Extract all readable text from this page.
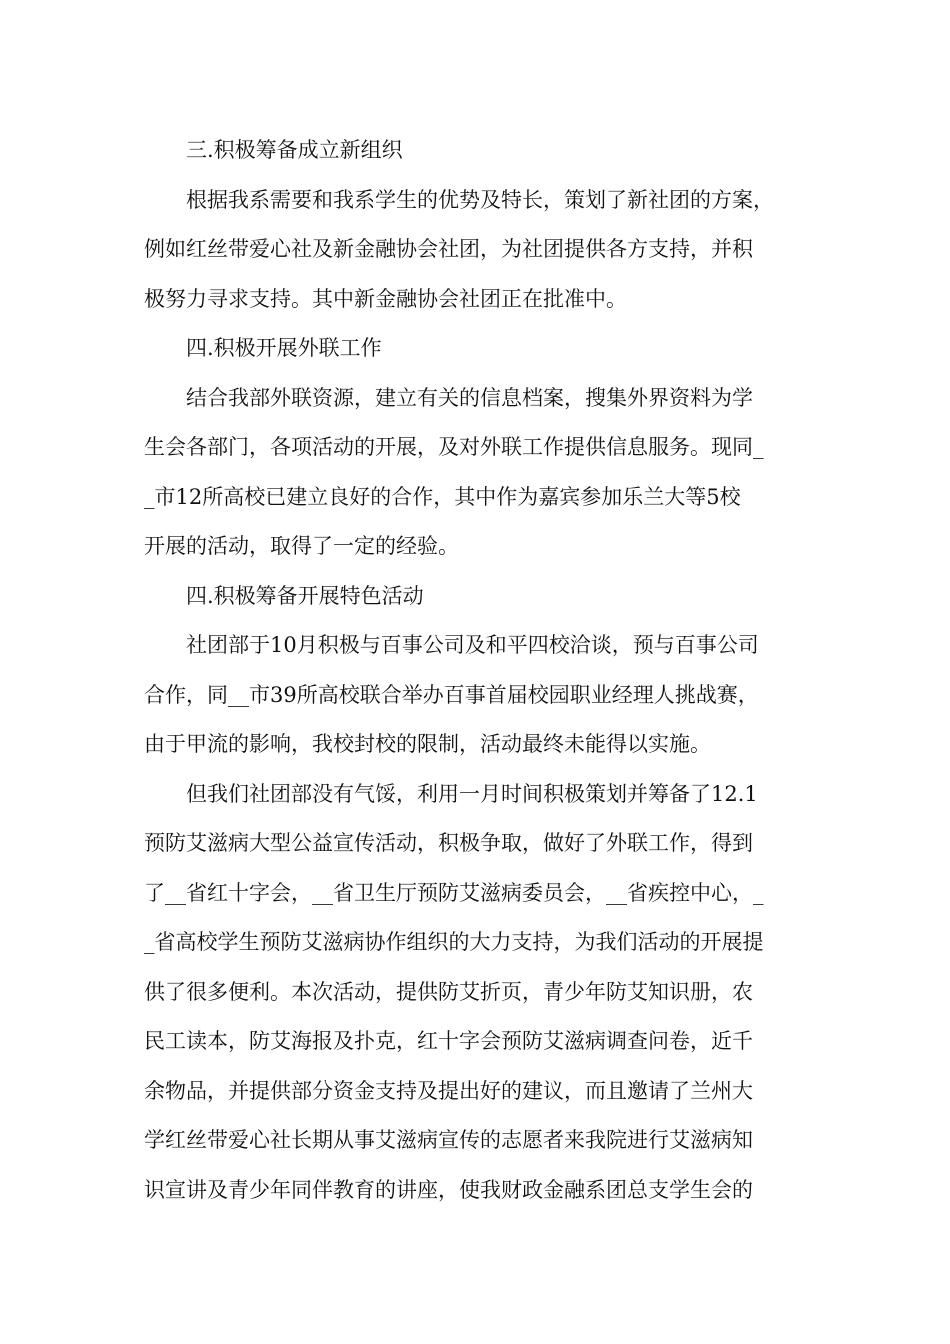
　　三.积极筹备成立新组织
　　根据我系需要和我系学生的优势及特长，策划了新社团的方案，
例如红丝带爱心社及新金融协会社团，为社团提供各方支持，并积
极努力寻求支持。其中新金融协会社团正在批准中。
　　四.积极开展外联工作
　　结合我部外联资源，建立有关的信息档案，搜集外界资料为学
生会各部门，各项活动的开展，及对外联工作提供信息服务。现同_
_市12所高校已建立良好的合作，其中作为嘉宾参加乐兰大等5校
开展的活动，取得了一定的经验。
　　四.积极筹备开展特色活动
　　社团部于10月积极与百事公司及和平四校洽谈，预与百事公司
合作，同__市39所高校联合举办百事首届校园职业经理人挑战赛，
由于甲流的影响，我校封校的限制，活动最终未能得以实施。
　　但我们社团部没有气馁，利用一月时间积极策划并筹备了12.1
预防艾滋病大型公益宣传活动，积极争取，做好了外联工作，得到
了__省红十字会，__省卫生厅预防艾滋病委员会，__省疾控中心，_
_省高校学生预防艾滋病协作组织的大力支持，为我们活动的开展提
供了很多便利。本次活动，提供防艾折页，青少年防艾知识册，农
民工读本，防艾海报及扑克，红十字会预防艾滋病调查问卷，近千
余物品，并提供部分资金支持及提出好的建议，而且邀请了兰州大
学红丝带爱心社长期从事艾滋病宣传的志愿者来我院进行艾滋病知
识宣讲及青少年同伴教育的讲座，使我财政金融系团总支学生会的
